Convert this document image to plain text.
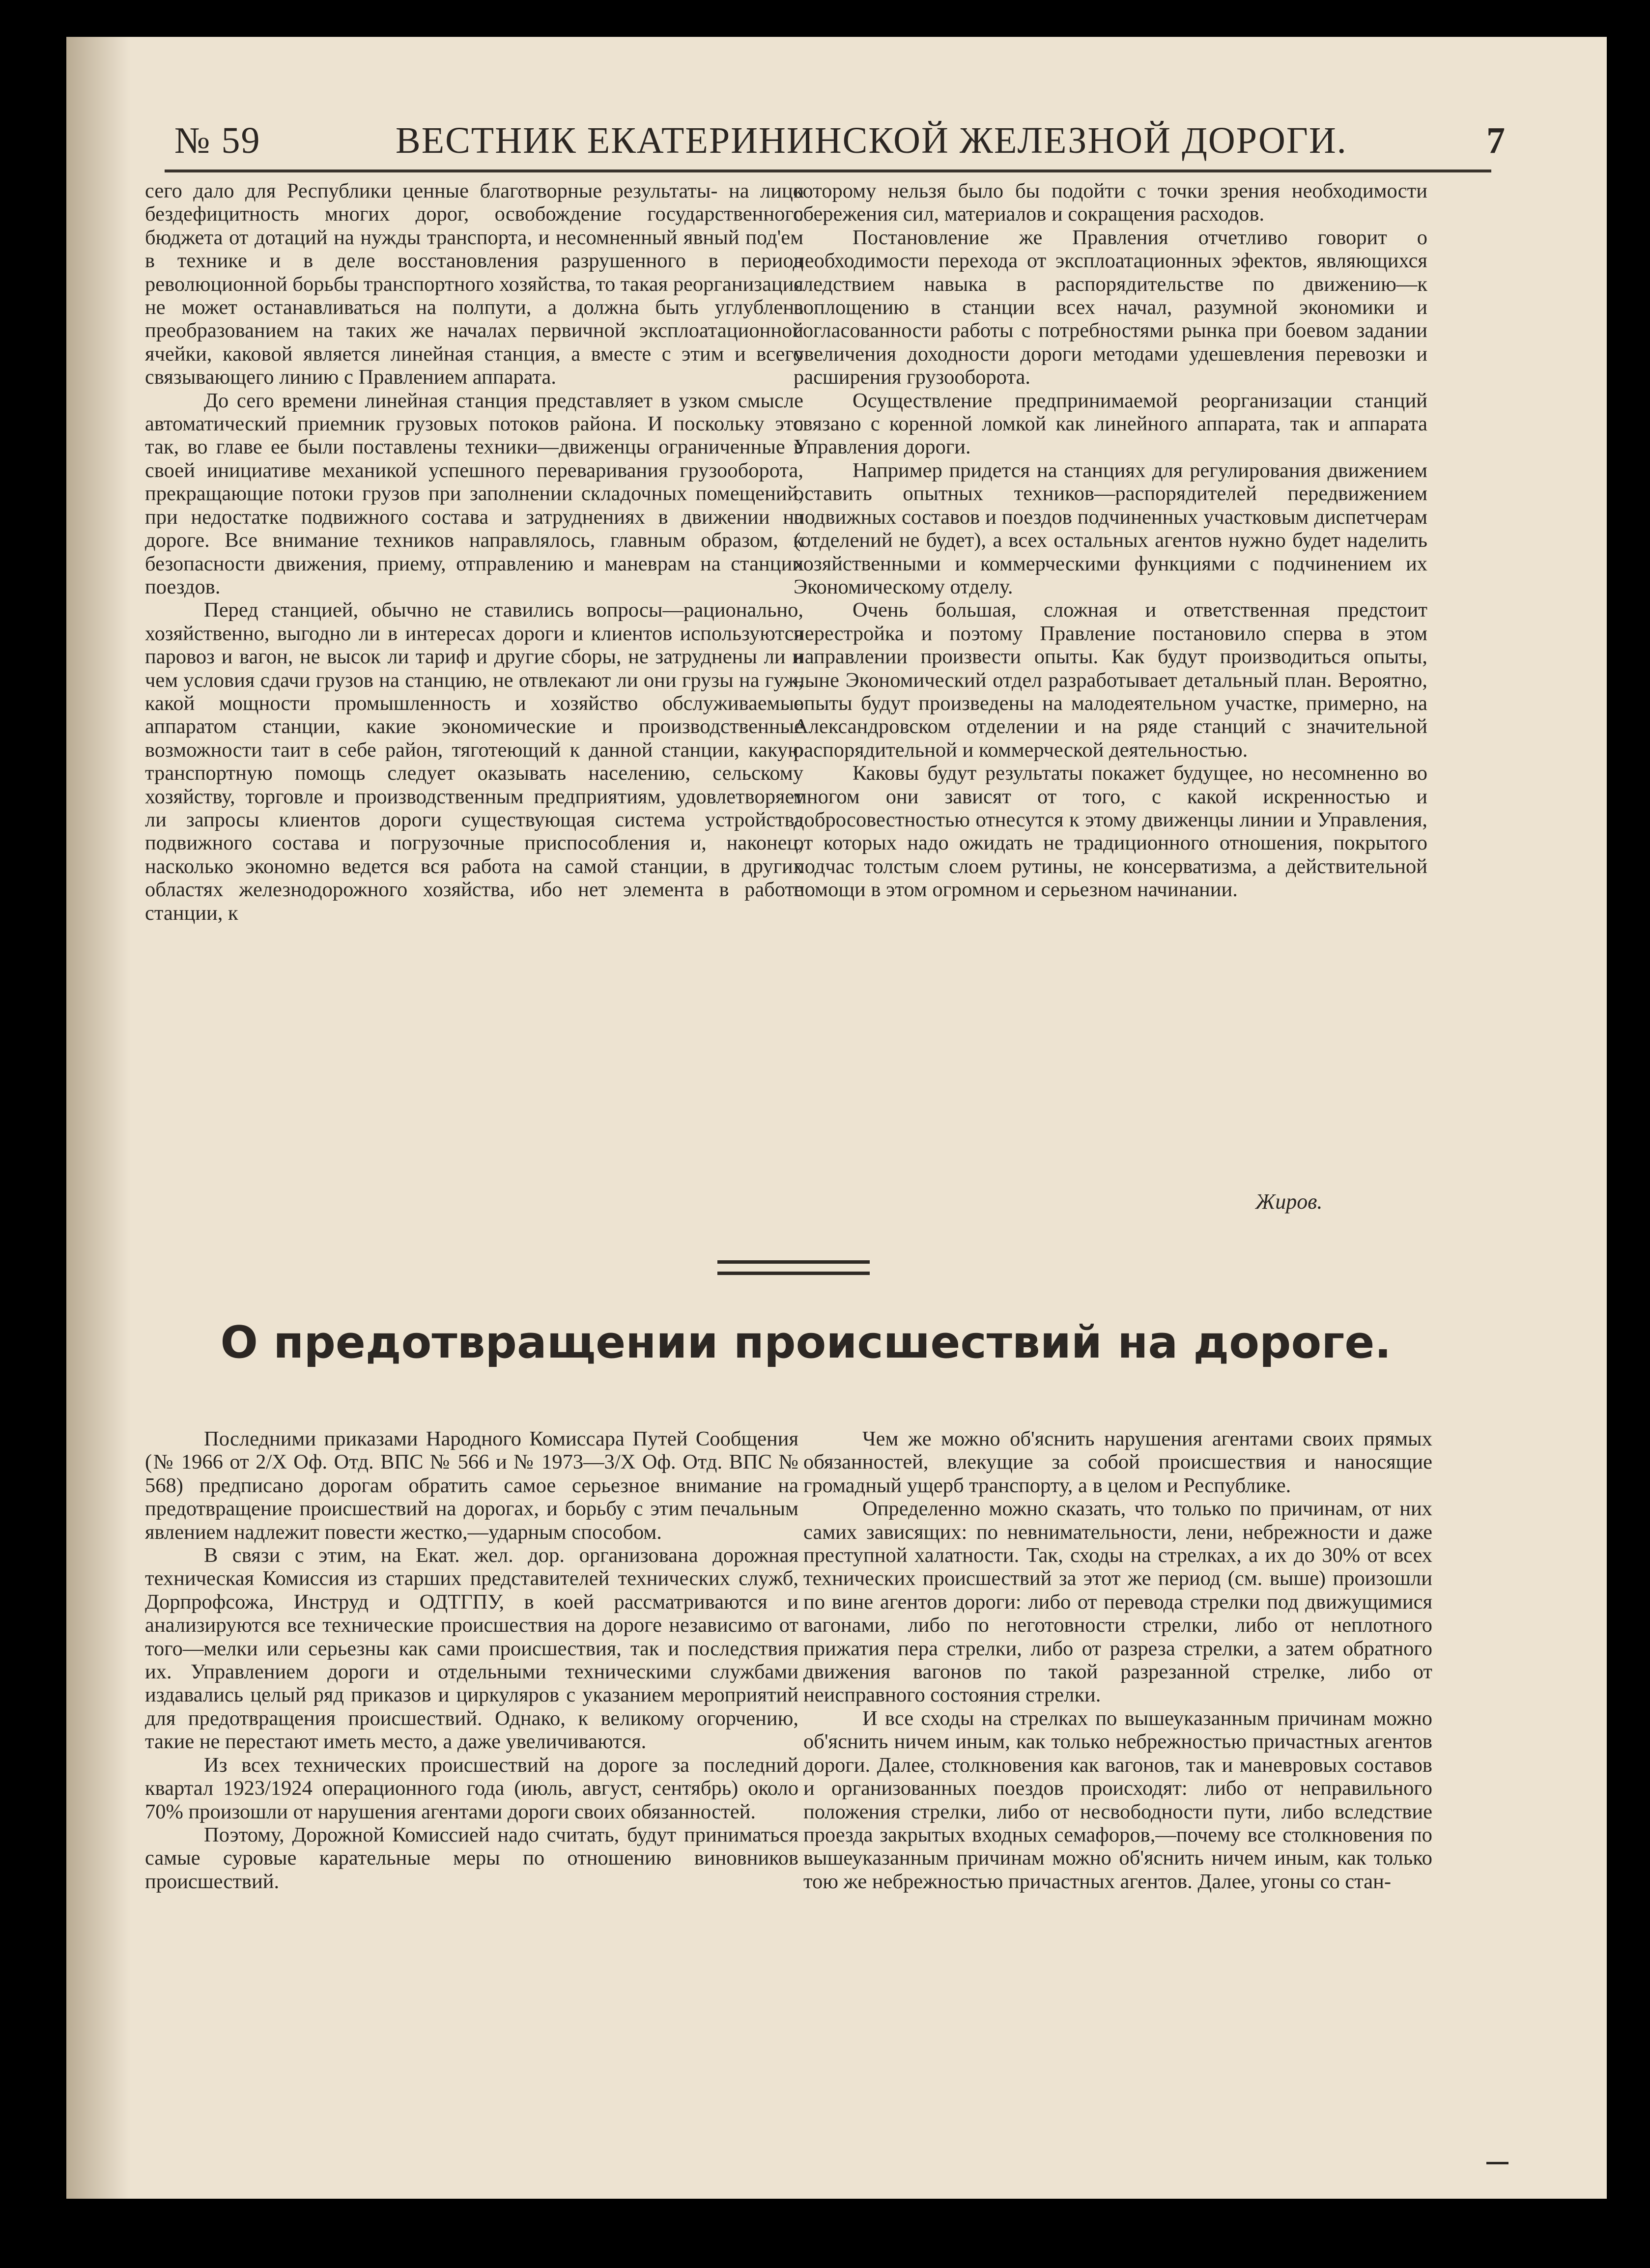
№ 59	ВЕСТНИК ЕКАТЕРИНИНСКОЙ ЖЕЛЕЗНОЙ ДОРОГИ.	7

сего дало для Республики ценные благотворные результаты- на лицо бездефицитность многих дорог, освобождение государственного бюджета от дотаций на нужды транспорта, и несомненный явный под'ем в технике и в деле восстановления разрушенного в период революционной борьбы транспортного хозяйства, то такая реорганизация не может останавливаться на полпути, а должна быть углублена преобразованием на таких же началах первичной эксплоатационной ячейки, каковой является линейная станция, а вместе с этим и всего связывающего линию с Правлением аппарата.

До сего времени линейная станция представляет в узком смысле автоматический приемник грузовых потоков района. И поскольку это так, во главе ее были поставлены техники—движенцы ограниченные в своей инициативе механикой успешного переваривания грузооборота, прекращающие потоки грузов при заполнении складочных помещений, при недостатке подвижного состава и затруднениях в движении на дороге. Все внимание техников направлялось, главным образом, к безопасности движения, приему, отправлению и маневрам на станции поездов.

Перед станцией, обычно не ставились вопросы—рационально, хозяйственно, выгодно ли в интересах дороги и клиентов используются паровоз и вагон, не высок ли тариф и другие сборы, не затруднены ли и чем условия сдачи грузов на станцию, не отвлекают ли они грузы на гуж, какой мощности промышленность и хозяйство обслуживаемые аппаратом станции, какие экономические и производственные возможности таит в себе район, тяготеющий к данной станции, какую транспортную помощь следует оказывать населению, сельскому хозяйству, торговле и производственным предприятиям, удовлетворяет ли запросы клиентов дороги существующая система устройства подвижного состава и погрузочные приспособления и, наконец, насколько экономно ведется вся работа на самой станции, в других областях железнодорожного хозяйства, ибо нет элемента в работе станции, к

которому нельзя было бы подойти с точки зрения необходимости сбережения сил, материалов и сокращения расходов.

Постановление же Правления отчетливо говорит о необходимости перехода от эксплоатационных эфектов, являющихся следствием навыка в распорядительстве по движению—к воплощению в станции всех начал, разумной экономики и согласованности работы с потребностями рынка при боевом задании увеличения доходности дороги методами удешевления перевозки и расширения грузооборота.

Осуществление предпринимаемой реорганизации станций связано с коренной ломкой как линейного аппарата, так и аппарата Управления дороги.

Например придется на станциях для регулирования движением оставить опытных техников—распорядителей передвижением подвижных составов и поездов подчиненных участковым диспетчерам (отделений не будет), а всех остальных агентов нужно будет наделить хозяйственными и коммерческими функциями с подчинением их Экономическому отделу.

Очень большая, сложная и ответственная предстоит перестройка и поэтому Правление постановило сперва в этом направлении произвести опыты. Как будут производиться опыты, ныне Экономический отдел разработывает детальный план. Вероятно, опыты будут произведены на малодеятельном участке, примерно, на Александровском отделении и на ряде станций с значительной распорядительной и коммерческой деятельностью.

Каковы будут результаты покажет будущее, но несомненно во многом они зависят от того, с какой искренностью и добросовестностью отнесутся к этому движенцы линии и Управления, от которых надо ожидать не традиционного отношения, покрытого подчас толстым слоем рутины, не консерватизма, а действительной помощи в этом огромном и серьезном начинании.

Жиров.
О предотвращении происшествий на дороге.

Последними приказами Народного Комиссара Путей Сообщения (№ 1966 от 2/X Оф. Отд. ВПС № 566 и № 1973—3/X Оф. Отд. ВПС № 568) предписано дорогам обратить самое серьезное внимание на предотвращение происшествий на дорогах, и борьбу с этим печальным явлением надлежит повести жестко,—ударным способом.

В связи с этим, на Екат. жел. дор. организована дорожная техническая Комиссия из старших представителей технических служб, Дорпрофсожа, Инструд и ОДТГПУ, в коей рассматриваются и анализируются все технические происшествия на дороге независимо от того—мелки или серьезны как сами происшествия, так и последствия их. Управлением дороги и отдельными техническими службами издавались целый ряд приказов и циркуляров с указанием мероприятий для предотвращения происшествий. Однако, к великому огорчению, такие не перестают иметь место, а даже увеличиваются.

Из всех технических происшествий на дороге за последний квартал 1923/1924 операционного года (июль, август, сентябрь) около 70% произошли от нарушения агентами дороги своих обязанностей.

Поэтому, Дорожной Комиссией надо считать, будут приниматься самые суровые карательные меры по отношению виновников происшествий.

Чем же можно об'яснить нарушения агентами своих прямых обязанностей, влекущие за собой происшествия и наносящие громадный ущерб транспорту, а в целом и Республике.

Определенно можно сказать, что только по причинам, от них самих зависящих: по невнимательности, лени, небрежности и даже преступной халатности. Так, сходы на стрелках, а их до 30% от всех технических происшествий за этот же период (см. выше) произошли по вине агентов дороги: либо от перевода стрелки под движущимися вагонами, либо по неготовности стрелки, либо от неплотного прижатия пера стрелки, либо от разреза стрелки, а затем обратного движения вагонов по такой разрезанной стрелке, либо от неисправного состояния стрелки.

И все сходы на стрелках по вышеуказанным причинам можно об'яснить ничем иным, как только небрежностью причастных агентов дороги. Далее, столкновения как вагонов, так и маневровых составов и организованных поездов происходят: либо от неправильного положения стрелки, либо от несвободности пути, либо вследствие проезда закрытых входных семафоров,—почему все столкновения по вышеуказанным причинам можно об'яснить ничем иным, как только тою же небрежностью причастных агентов. Далее, угоны со стан-
